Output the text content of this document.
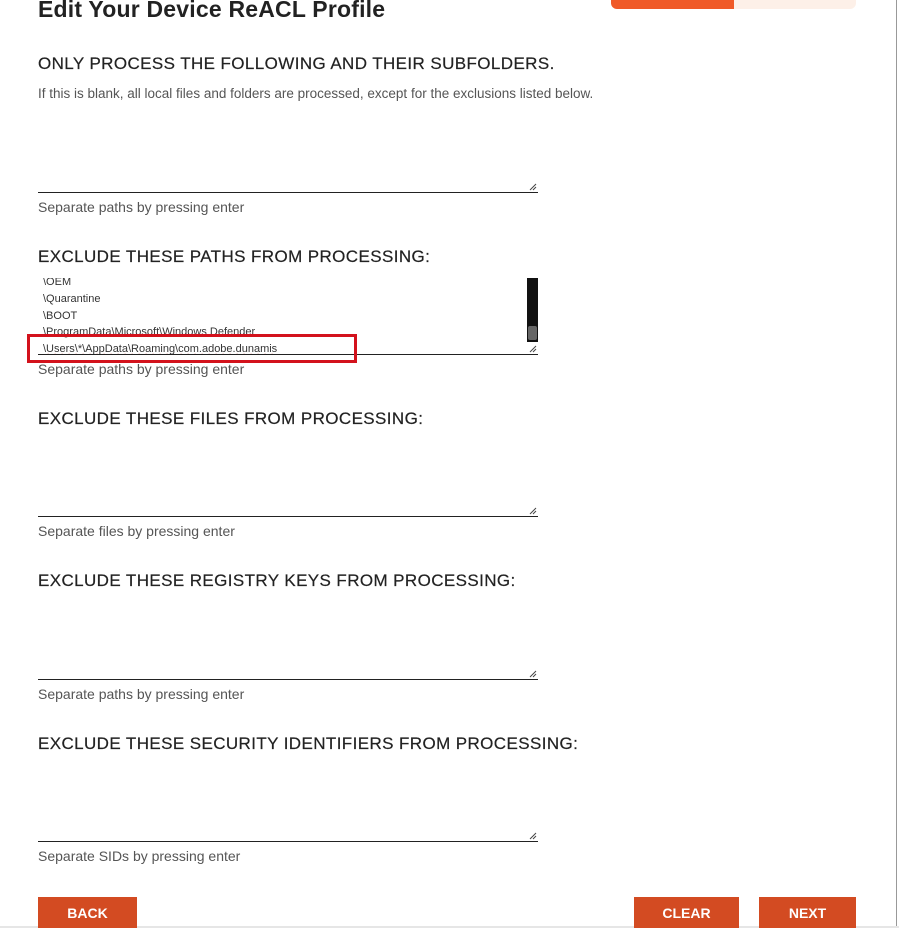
Edit Your Device ReACL Profile
ONLY PROCESS THE FOLLOWING AND THEIR SUBFOLDERS.
If this is blank, all local files and folders are processed, except for the exclusions listed below.
Separate paths by pressing enter
EXCLUDE THESE PATHS FROM PROCESSING:
\OEM
\Quarantine
\BOOT
\ProgramData\Microsoft\Windows Defender
\Users\*\AppData\Roaming\com.adobe.dunamis
Separate paths by pressing enter
EXCLUDE THESE FILES FROM PROCESSING:
Separate files by pressing enter
EXCLUDE THESE REGISTRY KEYS FROM PROCESSING:
Separate paths by pressing enter
EXCLUDE THESE SECURITY IDENTIFIERS FROM PROCESSING:
Separate SIDs by pressing enter
BACK	CLEAR	NEXT
